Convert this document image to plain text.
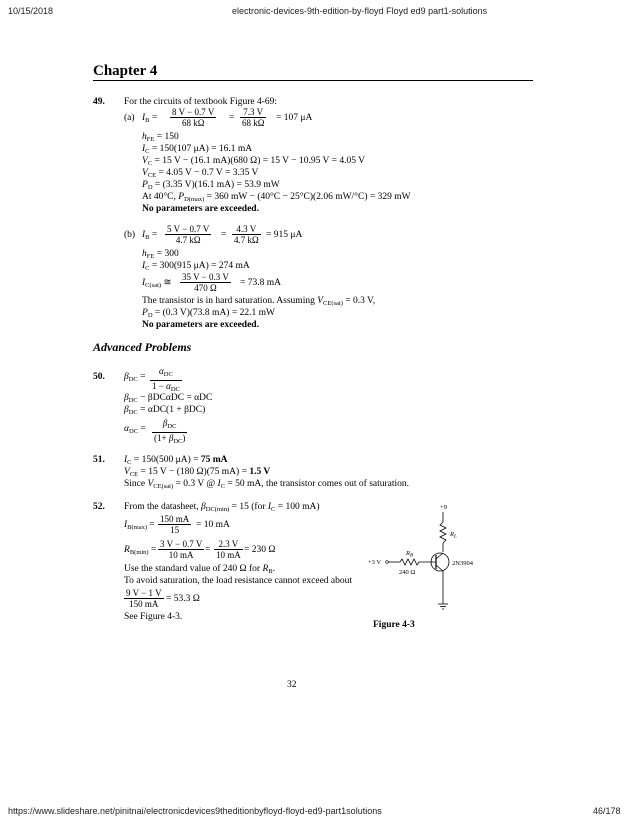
10/15/2018	electronic-devices-9th-edition-by-floyd Floyd ed9 part1-solutions
Chapter 4
49. For the circuits of textbook Figure 4-69:
(a) $I_B = \frac{8 V - 0.7 V}{68 k\Omega} = \frac{7.3 V}{68 k\Omega} = 107$ μA
$h_{FE} = 150$
$I_C = 150(107$ μA) = 16.1 mA
$V_C = 15$ V − (16.1 mA)(680 Ω) = 15 V − 10.95 V = 4.05 V
$V_{CE} = 4.05$ V − 0.7 V = 3.35 V
$P_D = (3.35$ V)(16.1 mA) = 53.9 mW
At 40°C, $P_{D(max)} = 360$ mW − (40°C − 25°C)(2.06 mW/°C) = 329 mW
No parameters are exceeded.
(b) $I_B = \frac{5 V - 0.7 V}{4.7 k\Omega} = \frac{4.3 V}{4.7 k\Omega} = 915$ μA
$h_{FE} = 300$
$I_C = 300(915$ μA) = 274 mA
$I_{C(sat)}$ ≅ $\frac{35 V - 0.3 V}{470 \Omega} = 73.8$ mA
The transistor is in hard saturation. Assuming $V_{CE(sat)} = 0.3$ V,
$P_D = (0.3$ V)(73.8 mA) = 22.1 mW
No parameters are exceeded.
Advanced Problems
50. $\beta_{DC}$ =
$\alpha_{DC}$
$1 - \alpha_{DC}$
$\beta_{DC} - \beta DC\alpha DC = \alpha DC$
$\beta_{DC} = \alpha DC(1 + \beta DC)$
$\alpha_{DC}$ =
$\beta_{DC}$
$(1+ \beta_{DC})$
51. $I_C = 150(500$ μA) = 75 mA
$V_{CE} = 15$ V − (180 Ω)(75 mA) = 1.5 V
Since $V_{CE(sat)} = 0.3$ V @ $I_C = 50$ mA, the transistor comes out of saturation.
52. From the datasheet, $\beta_{DC(min)} = 15$ (for $I_C = 100$ mA)
$I_{B(max)} = \frac{150 mA}{15} = 10$ mA
$R_{B(min)} = \frac{3 V - 0.7 V}{10 mA} = \frac{2.3 V}{10 mA} = 230$ Ω
Use the standard value of 240 Ω for $R_B$.
To avoid saturation, the load resistance cannot exceed about
$\frac{9 V - 1 V}{150 mA} = 53.3$ Ω
See Figure 4-3.
+9
$R_L$
2N3904
+3 V
$R_B$
240 Ω
Figure 4-3
32
https://www.slideshare.net/pinitnai/electronicdevices9theditionbyfloyd-floyd-ed9-part1solutions	46/178
